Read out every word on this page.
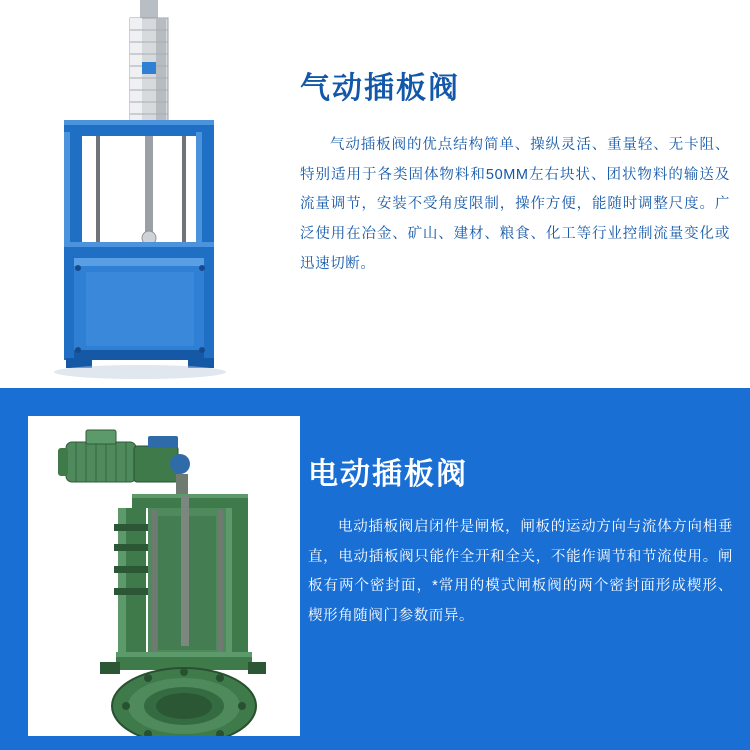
气动插板阀

气动插板阀的优点结构简单、操纵灵活、重量轻、无卡阻、特别适用于各类固体物料和50MM左右块状、团状物料的输送及流量调节，安装不受角度限制，操作方便，能随时调整尺度。广泛使用在冶金、矿山、建材、粮食、化工等行业控制流量变化或迅速切断。

电动插板阀

电动插板阀启闭件是闸板，闸板的运动方向与流体方向相垂直，电动插板阀只能作全开和全关，不能作调节和节流使用。闸板有两个密封面，*常用的模式闸板阀的两个密封面形成楔形、楔形角随阀门参数而异。
